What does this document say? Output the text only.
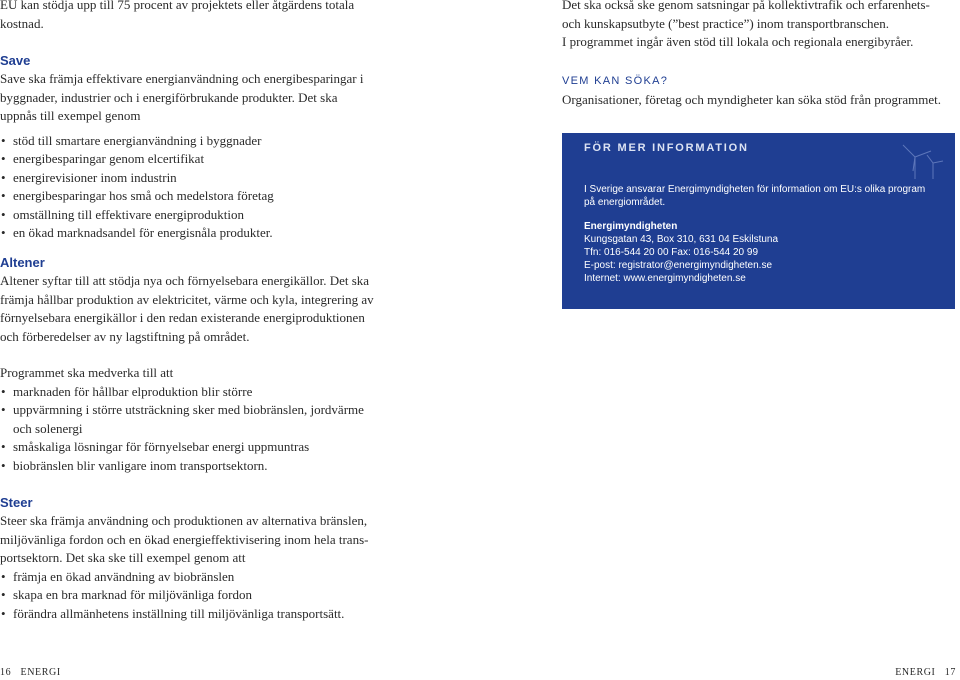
EU kan stödja upp till 75 procent av projektets eller åtgärdens totala
kostnad.
Save
Save ska främja effektivare energianvändning och energibesparingar i
byggnader, industrier och i energiförbrukande produkter. Det ska
uppnås till exempel genom
• stöd till smartare energianvändning i byggnader
• energibesparingar genom elcertifikat
• energirevisioner inom industrin
• energibesparingar hos små och medelstora företag
• omställning till effektivare energiproduktion
• en ökad marknadsandel för energisnåla produkter.
Altener
Altener syftar till att stödja nya och förnyelsebara energikällor. Det ska
främja hållbar produktion av elektricitet, värme och kyla, integrering av
förnyelsebara energikällor i den redan existerande energiproduktionen
och förberedelser av ny lagstiftning på området.
Programmet ska medverka till att
• marknaden för hållbar elproduktion blir större
• uppvärmning i större utsträckning sker med biobränslen, jordvärme
och solenergi
• småskaliga lösningar för förnyelsebar energi uppmuntras
• biobränslen blir vanligare inom transportsektorn.
Steer
Steer ska främja användning och produktionen av alternativa bränslen,
miljövänliga fordon och en ökad energieffektivisering inom hela trans-
portsektorn. Det ska ske till exempel genom att
• främja en ökad användning av biobränslen
• skapa en bra marknad för miljövänliga fordon
• förändra allmänhetens inställning till miljövänliga transportsätt.
Det ska också ske genom satsningar på kollektivtrafik och erfarenhets-
och kunskapsutbyte (”best practice”) inom transportbranschen.
I programmet ingår även stöd till lokala och regionala energibyråer.
VEM KAN SÖKA?
Organisationer, företag och myndigheter kan söka stöd från programmet.
FÖR MER INFORMATION

I Sverige ansvarar Energimyndigheten för information om EU:s olika program

på energiområdet.

Energimyndigheten

Kungsgatan 43, Box 310, 631 04 Eskilstuna

Tfn: 016-544 20 00 Fax: 016-544 20 99

E-post: registrator@energimyndigheten.se

Internet: www.energimyndigheten.se

16 ENERGI	ENERGI 17
